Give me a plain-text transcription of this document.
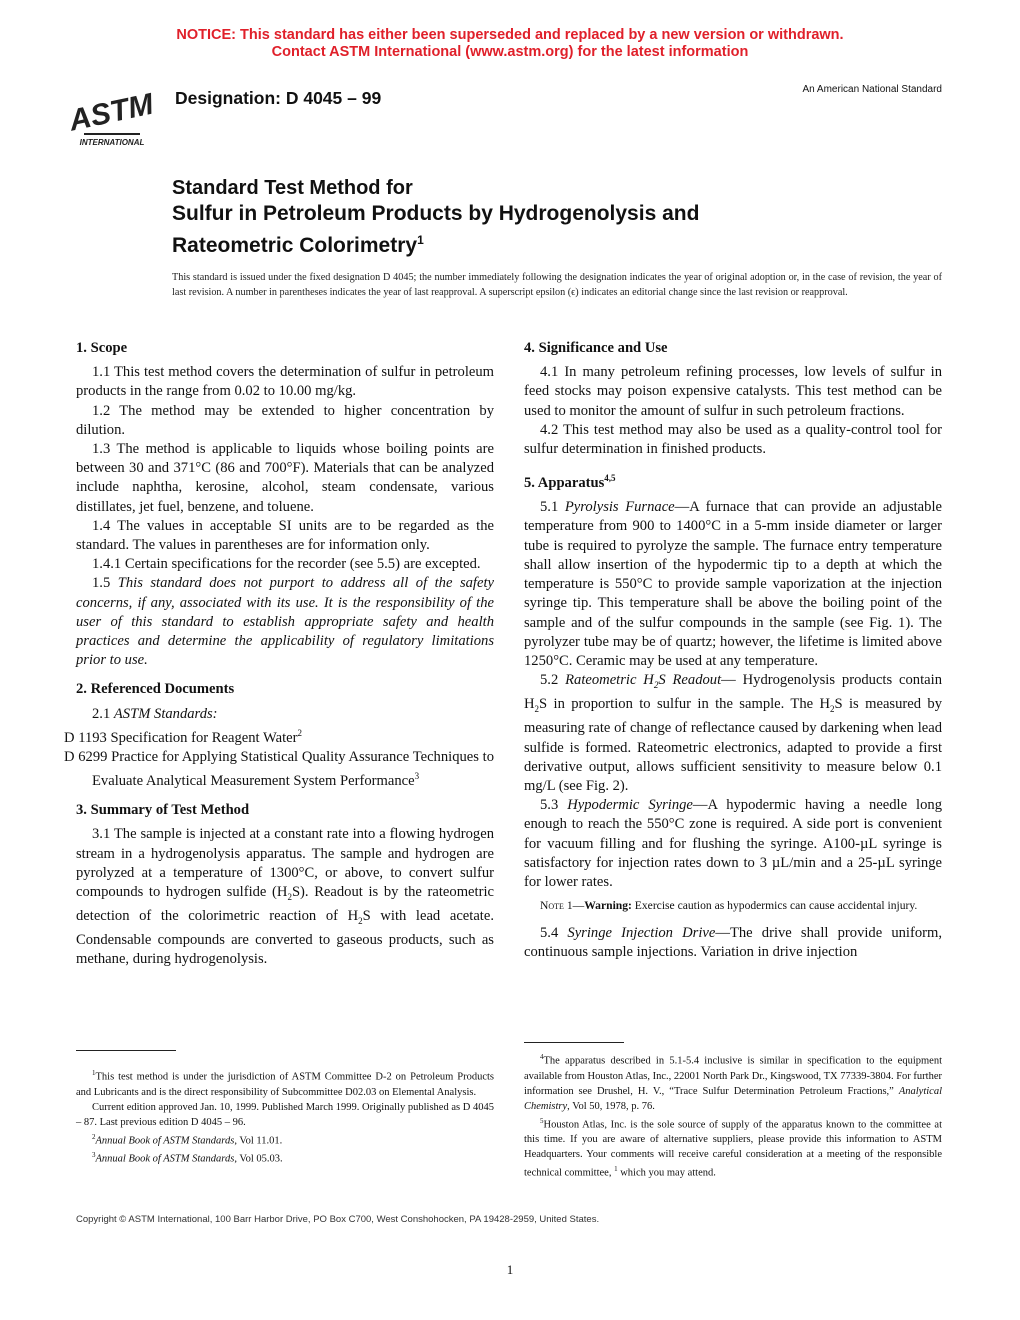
NOTICE: This standard has either been superseded and replaced by a new version or withdrawn.
Contact ASTM International (www.astm.org) for the latest information
ASTM
INTERNATIONAL
Designation: D 4045 – 99	An American National Standard
Standard Test Method for
Sulfur in Petroleum Products by Hydrogenolysis and
Rateometric Colorimetry$^1$
This standard is issued under the fixed designation D 4045; the number immediately following the designation indicates the year of original adoption or, in the case of revision, the year of last revision. A number in parentheses indicates the year of last reapproval. A superscript epsilon (ϵ) indicates an editorial change since the last revision or reapproval.
1. Scope

1.1 This test method covers the determination of sulfur in petroleum products in the range from 0.02 to 10.00 mg/kg.

1.2 The method may be extended to higher concentration by dilution.

1.3 The method is applicable to liquids whose boiling points are between 30 and 371°C (86 and 700°F). Materials that can be analyzed include naphtha, kerosine, alcohol, steam condensate, various distillates, jet fuel, benzene, and toluene.

1.4 The values in acceptable SI units are to be regarded as the standard. The values in parentheses are for information only.

1.4.1 Certain specifications for the recorder (see 5.5) are excepted.

1.5 This standard does not purport to address all of the safety concerns, if any, associated with its use. It is the responsibility of the user of this standard to establish appropriate safety and health practices and determine the applicability of regulatory limitations prior to use.

2. Referenced Documents

2.1 ASTM Standards:

D 1193 Specification for Reagent Water$^2$

D 6299 Practice for Applying Statistical Quality Assurance Techniques to Evaluate Analytical Measurement System Performance$^3$

3. Summary of Test Method

3.1 The sample is injected at a constant rate into a flowing hydrogen stream in a hydrogenolysis apparatus. The sample and hydrogen are pyrolyzed at a temperature of 1300°C, or above, to convert sulfur compounds to hydrogen sulfide $(H_2S)$. Readout is by the rateometric detection of the colorimetric reaction of $H_2S$ with lead acetate. Condensable compounds are converted to gaseous products, such as methane, during hydrogenolysis.

4. Significance and Use

4.1 In many petroleum refining processes, low levels of sulfur in feed stocks may poison expensive catalysts. This test method can be used to monitor the amount of sulfur in such petroleum fractions.

4.2 This test method may also be used as a quality-control tool for sulfur determination in finished products.

5. Apparatus$^{4,5}$

5.1 Pyrolysis Furnace—A furnace that can provide an adjustable temperature from 900 to 1400°C in a 5-mm inside diameter or larger tube is required to pyrolyze the sample. The furnace entry temperature shall allow insertion of the hypodermic tip to a depth at which the temperature is 550°C to provide sample vaporization at the injection syringe tip. This temperature shall be above the boiling point of the sample and of the sulfur compounds in the sample (see Fig. 1). The pyrolyzer tube may be of quartz; however, the lifetime is limited above 1250°C. Ceramic may be used at any temperature.

5.2 Rateometric $H_2S$ Readout— Hydrogenolysis products contain $H_2S$ in proportion to sulfur in the sample. The $H_2S$ is measured by measuring rate of change of reflectance caused by darkening when lead sulfide is formed. Rateometric electronics, adapted to provide a first derivative output, allows sufficient sensitivity to measure below 0.1 mg/L (see Fig. 2).

5.3 Hypodermic Syringe—A hypodermic having a needle long enough to reach the 550°C zone is required. A side port is convenient for vacuum filling and for flushing the syringe. A100-µL syringe is satisfactory for injection rates down to 3 µL/min and a 25-µL syringe for lower rates.

Note 1—Warning: Exercise caution as hypodermics can cause accidental injury.

5.4 Syringe Injection Drive—The drive shall provide uniform, continuous sample injections. Variation in drive injection

$^1$This test method is under the jurisdiction of ASTM Committee D-2 on Petroleum Products and Lubricants and is the direct responsibility of Subcommittee D02.03 on Elemental Analysis.

Current edition approved Jan. 10, 1999. Published March 1999. Originally published as D 4045 – 87. Last previous edition D 4045 – 96.

$^2$Annual Book of ASTM Standards, Vol 11.01.

$^3$Annual Book of ASTM Standards, Vol 05.03.

$^4$The apparatus described in 5.1-5.4 inclusive is similar in specification to the equipment available from Houston Atlas, Inc., 22001 North Park Dr., Kingswood, TX 77339-3804. For further information see Drushel, H. V., “Trace Sulfur Determination Petroleum Fractions,” Analytical Chemistry, Vol 50, 1978, p. 76.

$^5$Houston Atlas, Inc. is the sole source of supply of the apparatus known to the committee at this time. If you are aware of alternative suppliers, please provide this information to ASTM Headquarters. Your comments will receive careful consideration at a meeting of the responsible technical committee, $^1$ which you may attend.

Copyright © ASTM International, 100 Barr Harbor Drive, PO Box C700, West Conshohocken, PA 19428-2959, United States.
1
